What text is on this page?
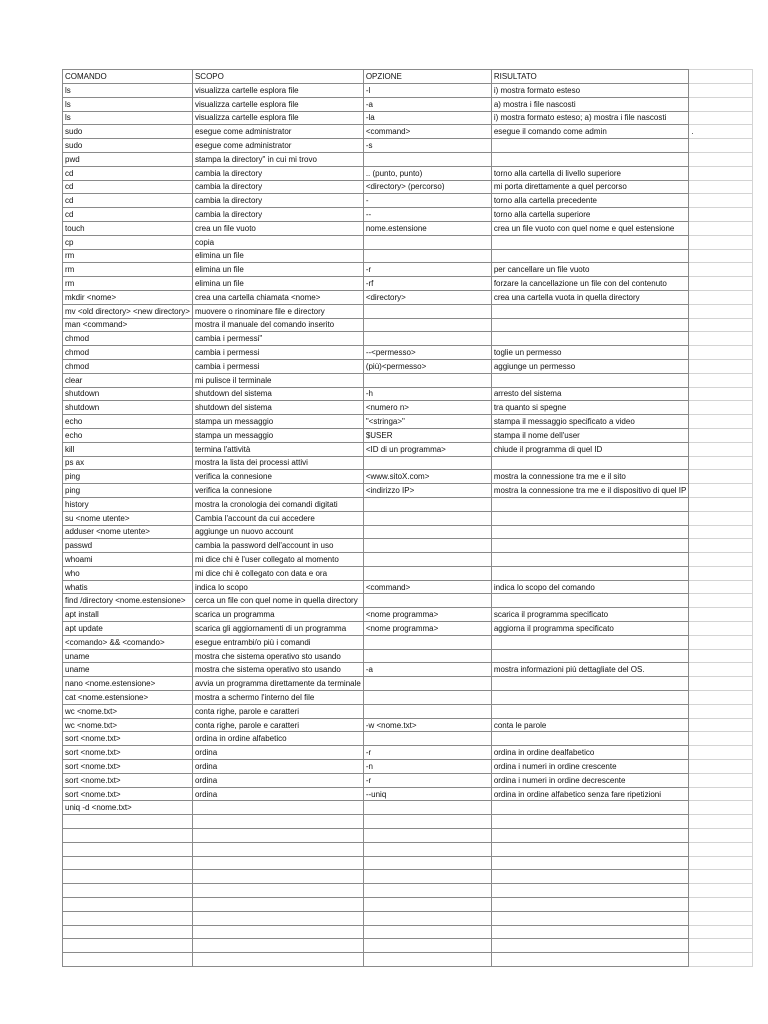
COMANDO	SCOPO	OPZIONE	RISULTATO		
ls	visualizza cartelle esplora file	-l	i) mostra formato esteso		
ls	visualizza cartelle esplora file	-a	a) mostra i file nascosti		
ls	visualizza cartelle esplora file	-la	i) mostra formato esteso; a) mostra i file nascosti		
sudo	esegue come administrator	<command>	esegue il comando come admin	.	
sudo	esegue come administrator	-s			
pwd	stampa la directory" in cui mi trovo				
cd	cambia la directory	.. (punto, punto)	torno alla cartella di livello superiore		
cd	cambia la directory	<directory> (percorso)	mi porta direttamente a quel percorso		
cd	cambia la directory	-	torno alla cartella precedente		
cd	cambia la directory	--	torno alla cartella superiore		
touch	crea un file vuoto	nome.estensione	crea un file vuoto con quel nome e quel estensione		
cp	copia				
rm	elimina un file				
rm	elimina un file	-r	per cancellare un file vuoto		
rm	elimina un file	-rf	forzare la cancellazione un file con del contenuto		
mkdir <nome>	crea una cartella chiamata <nome>	<directory>	crea una cartella vuota in quella directory		
mv <old directory> <new directory>	muovere o rinominare file e directory				
man <command>	mostra il manuale del comando inserito				
chmod	cambia i permessi"				
chmod	cambia i permessi	--<permesso>	toglie un permesso		
chmod	cambia i permessi	(più)<permesso>	aggiunge un permesso		
clear	mi pulisce il terminale				
shutdown	shutdown del sistema	-h	arresto del sistema		
shutdown	shutdown del sistema	<numero n>	tra quanto si spegne		
echo	stampa un messaggio	"<stringa>"	stampa il messaggio specificato a video		
echo	stampa un messaggio	$USER	stampa il nome dell'user		
kill	termina l'attività	<ID di un programma>	chiude il programma di quel ID		
ps ax	mostra la lista dei processi attivi				
ping	verifica la connesione	<www.sitoX.com>	mostra la connessione tra me e il sito		
ping	verifica la connesione	<indirizzo IP>	mostra la connessione tra me e il dispositivo di quel IP		
history	mostra la cronologia dei comandi digitati				
su <nome utente>	Cambia l'account da cui accedere				
adduser <nome utente>	aggiunge un nuovo account				
passwd	cambia la password dell'account in uso				
whoami	mi dice chi è l'user collegato al momento				
who	mi dice chi è collegato con data e ora				
whatis	indica lo scopo	<command>	indica lo scopo del comando		
find /directory <nome.estensione>	cerca un file con quel nome in quella directory				
apt install	scarica un programma	<nome programma>	scarica il programma specificato		
apt update	scarica gli aggiornamenti di un programma	<nome programma>	aggiorna il programma specificato		
<comando> && <comando>	esegue entrambi/o più i comandi				
uname	mostra che sistema operativo sto usando				
uname	mostra che sistema operativo sto usando	-a	mostra informazioni più dettagliate del OS.		
nano <nome.estensione>	avvia un programma direttamente da terminale				
cat <nome.estensione>	mostra a schermo l'interno del file				
wc <nome.txt>	conta righe, parole e caratteri				
wc <nome.txt>	conta righe, parole e caratteri	-w <nome.txt>	conta le parole		
sort <nome.txt>	ordina in ordine alfabetico				
sort <nome.txt>	ordina	-r	ordina in ordine dealfabetico		
sort <nome.txt>	ordina	-n	ordina i numeri in ordine crescente		
sort <nome.txt>	ordina	-r	ordina i numeri in ordine decrescente		
sort <nome.txt>	ordina	--uniq	ordina in ordine alfabetico senza fare ripetizioni		
uniq -d <nome.txt>					
